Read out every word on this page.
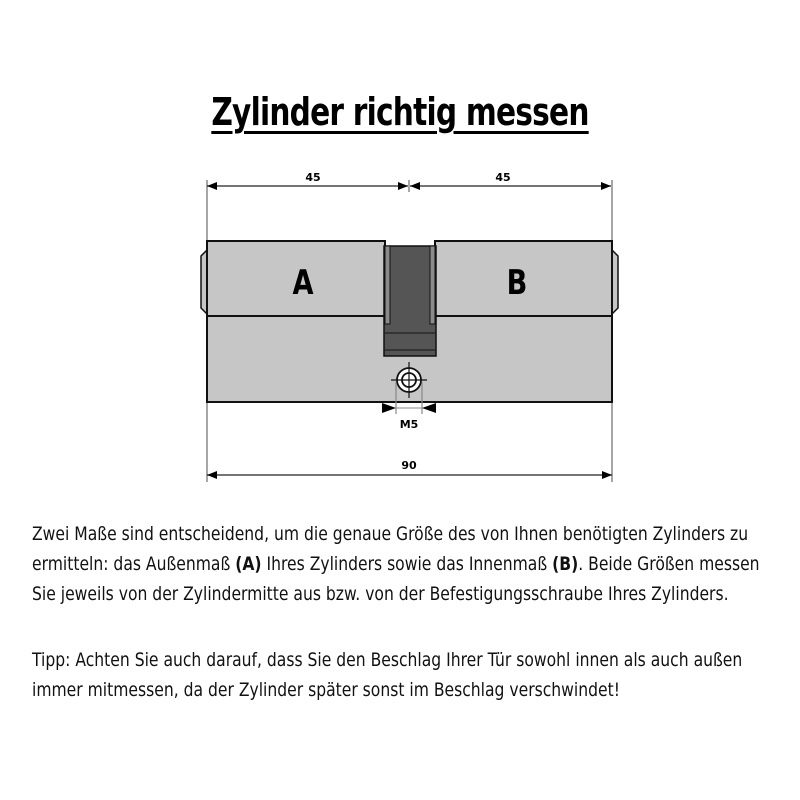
Zylinder richtig messen
45	45
A	B
M5
90
Zwei Maße sind entscheidend, um die genaue Größe des von Ihnen benötigten Zylinders zu
ermitteln: das Außenmaß (A) Ihres Zylinders sowie das Innenmaß (B). Beide Größen messen
Sie jeweils von der Zylindermitte aus bzw. von der Befestigungsschraube Ihres Zylinders.
Tipp: Achten Sie auch darauf, dass Sie den Beschlag Ihrer Tür sowohl innen als auch außen
immer mitmessen, da der Zylinder später sonst im Beschlag verschwindet!
